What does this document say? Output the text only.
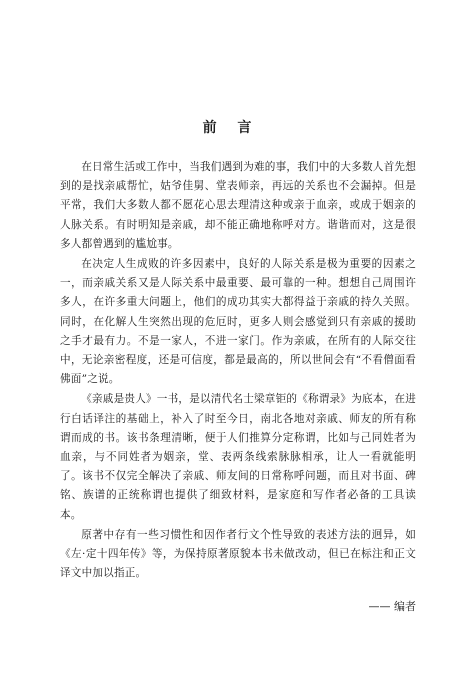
前 言

在日常生活或工作中，当我们遇到为难的事，我们中的大多数人首先想到的是找亲戚帮忙，姑爷佳舅、堂表师亲，再远的关系也不会漏掉。但是平常，我们大多数人都不愿花心思去理清这种或亲于血亲，或成于姻亲的人脉关系。有时明知是亲戚，却不能正确地称呼对方。谐谐而对，这是很多人都曾遇到的尴尬事。

在决定人生成败的许多因素中，良好的人际关系是极为重要的因素之一，而亲戚关系又是人际关系中最重要、最可靠的一种。想想自己周围许多人，在许多重大问题上，他们的成功其实大都得益于亲戚的持久关照。同时，在化解人生突然出现的危厄时，更多人则会感觉到只有亲戚的援助之手才最有力。不是一家人，不进一家门。作为亲戚，在所有的人际交往中，无论亲密程度，还是可信度，都是最高的，所以世间会有“不看僧面看佛面”之说。

《亲戚是贵人》一书，是以清代名士梁章钜的《称谓录》为底本，在进行白话译注的基础上，补入了时至今日，南北各地对亲戚、师友的所有称谓而成的书。该书条理清晰，便于人们推算分定称谓，比如与己同姓者为血亲，与不同姓者为姻亲，堂、表两条线索脉脉相承，让人一看就能明了。该书不仅完全解决了亲戚、师友间的日常称呼问题，而且对书面、碑铭、族谱的正统称谓也提供了细致材料，是家庭和写作者必备的工具读本。

原著中存有一些习惯性和因作者行文个性导致的表述方法的迥异，如《左·定十四年传》等，为保持原著原貌本书未做改动，但已在标注和正文译文中加以指正。

—— 编者
